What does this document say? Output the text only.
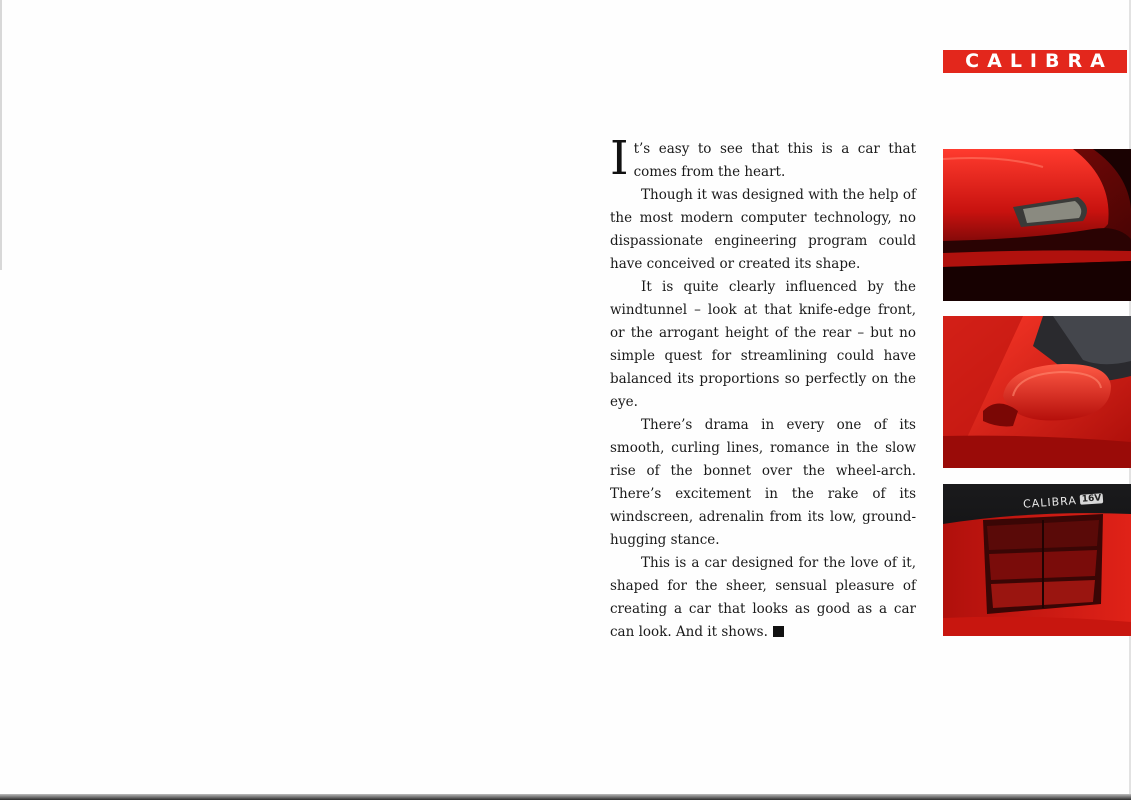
CALIBRA

It’s easy to see that this is a car that comes from the heart.

Though it was designed with the help of the most modern computer technology, no dispassionate engineering program could have conceived or created its shape.

It is quite clearly influenced by the windtunnel – look at that knife-edge front, or the arrogant height of the rear – but no simple quest for streamlining could have balanced its proportions so perfectly on the eye.

There’s drama in every one of its smooth, curling lines, romance in the slow rise of the bonnet over the wheel-arch. There’s excitement in the rake of its windscreen, adrenalin from its low, groundhugging stance.

This is a car designed for the love of it, shaped for the sheer, sensual pleasure of creating a car that looks as good as a car can look. And it shows.

CALIBRA 16V
